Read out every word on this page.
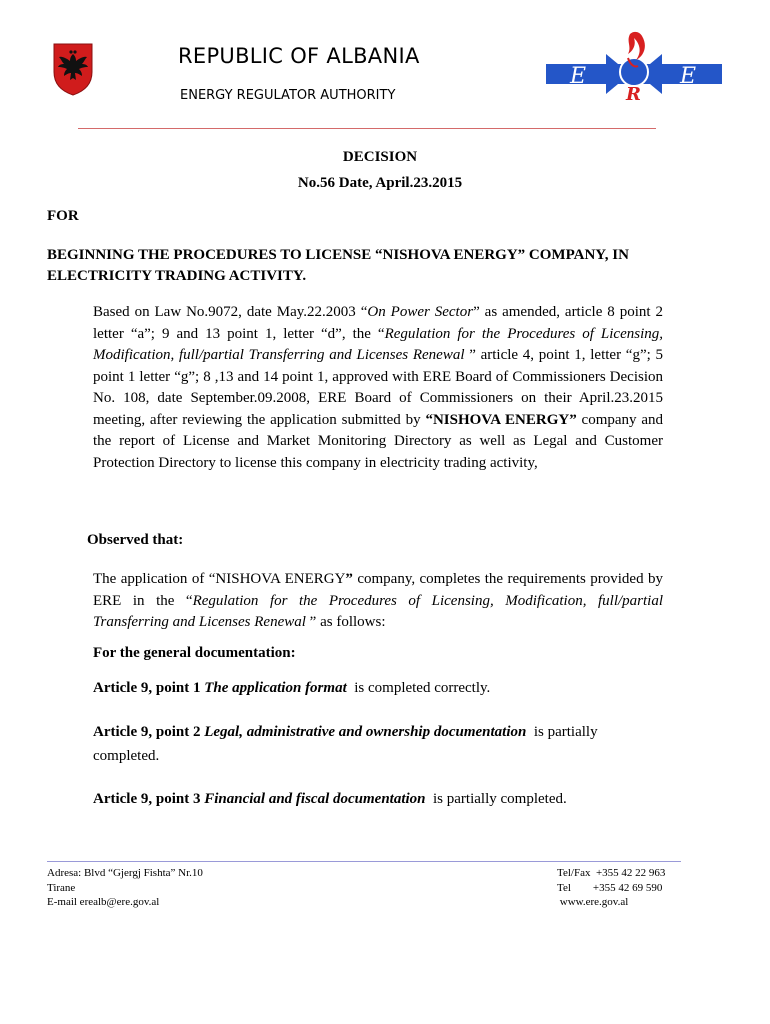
REPUBLIC OF ALBANIA
ENERGY REGULATOR AUTHORITY
E	E
R
DECISION
No.56 Date, April.23.2015
FOR
BEGINNING THE PROCEDURES TO LICENSE “NISHOVA ENERGY” COMPANY, IN ELECTRICITY TRADING ACTIVITY.
Based on Law No.9072, date May.22.2003 “On Power Sector” as amended, article 8 point 2 letter “a”; 9 and 13 point 1, letter “d”, the “Regulation for the Procedures of Licensing, Modification, full/partial Transferring and Licenses Renewal ” article 4, point 1, letter “g”; 5 point 1 letter “g”; 8 ,13 and 14 point 1, approved with ERE Board of Commissioners Decision No. 108, date September.09.2008, ERE Board of Commissioners on their April.23.2015 meeting, after reviewing the application submitted by “NISHOVA ENERGY” company and the report of License and Market Monitoring Directory as well as Legal and Customer Protection Directory to license this company in electricity trading activity,
Observed that:
The application of “NISHOVA ENERGY” company, completes the requirements provided by ERE in the “Regulation for the Procedures of Licensing, Modification, full/partial Transferring and Licenses Renewal ” as follows:
For the general documentation:
Article 9, point 1 The application format is completed correctly.
Article 9, point 2 Legal, administrative and ownership documentation is partially completed.
Article 9, point 3 Financial and fiscal documentation is partially completed.
Adresa: Blvd “Gjergj Fishta” Nr.10
Tirane
E-mail erealb@ere.gov.al
Tel/Fax  +355 42 22 963
Tel        +355 42 69 590
www.ere.gov.al
